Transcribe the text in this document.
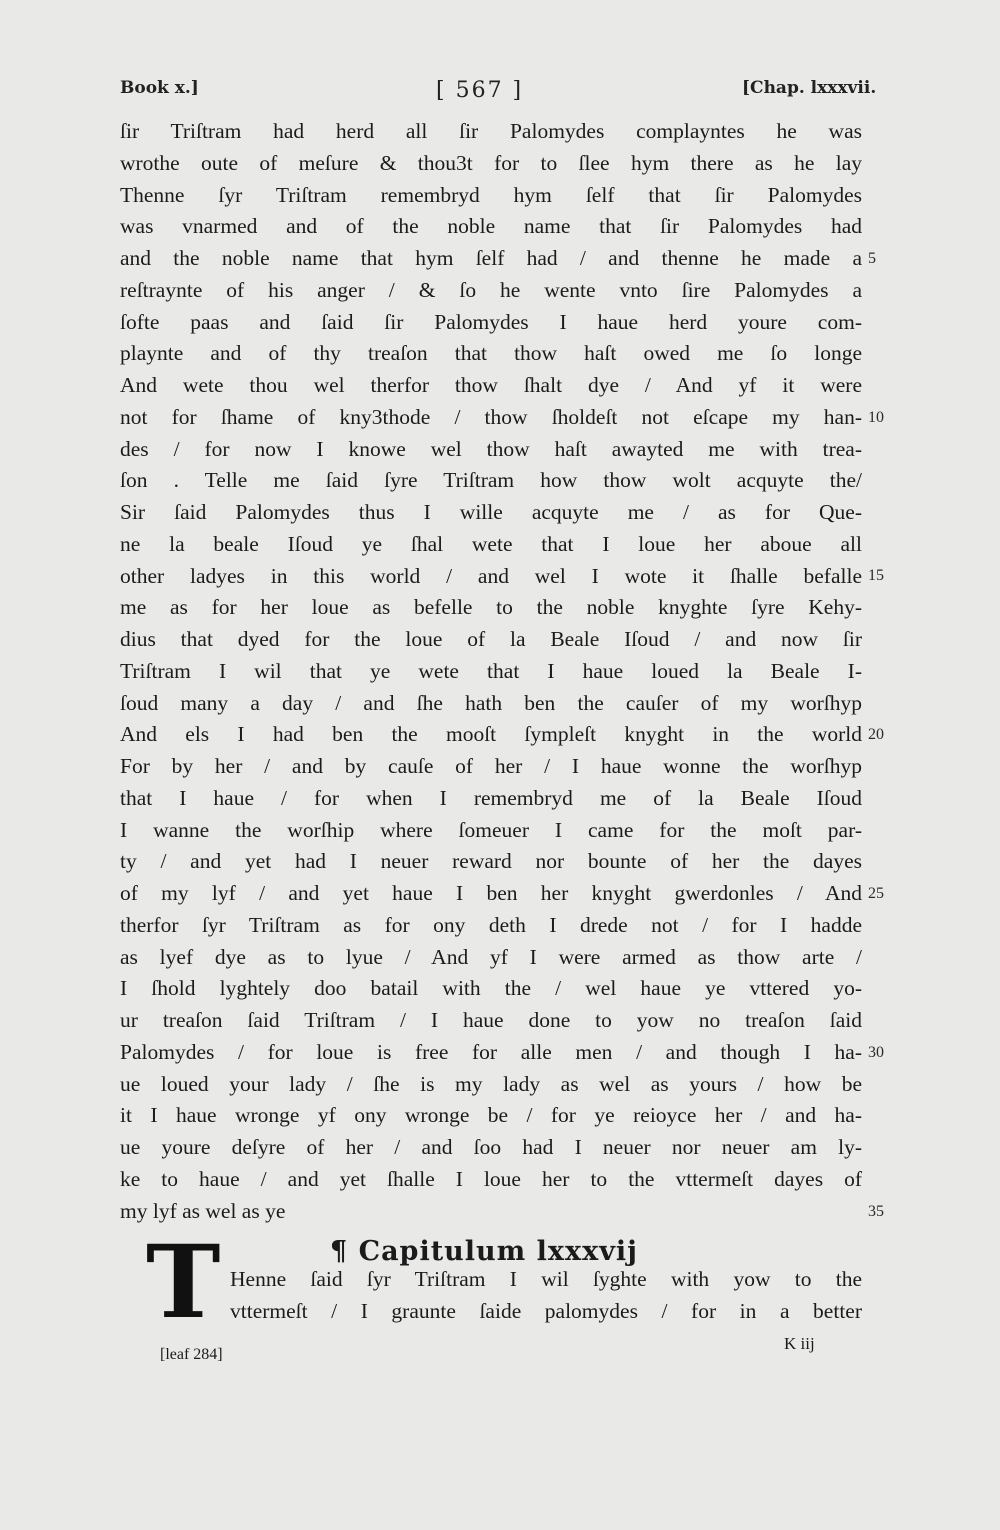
Book x.]	[ 567 ]	[Chap. lxxxvii.
ſir Triſtram had herd all ſir Palomydes complayntes he was
wrothe oute of meſure & thou3t for to ſlee hym there as he lay
Thenne ſyr Triſtram remembryd hym ſelf that ſir Palomydes
was vnarmed and of the noble name that ſir Palomydes had
and the noble name that hym ſelf had / and thenne he made a
reſtraynte of his anger / & ſo he wente vnto ſire Palomydes a
ſofte paas and ſaid ſir Palomydes I haue herd youre com-
playnte and of thy treaſon that thow haſt owed me ſo longe
And wete thou wel therfor thow ſhalt dye / And yf it were
not for ſhame of kny3thode / thow ſholdeſt not eſcape my han-
des / for now I knowe wel thow haſt awayted me with trea-
ſon . Telle me ſaid ſyre Triſtram how thow wolt acquyte the/
Sir ſaid Palomydes thus I wille acquyte me / as for Que-
ne la beale Iſoud ye ſhal wete that I loue her aboue all
other ladyes in this world / and wel I wote it ſhalle befalle
me as for her loue as befelle to the noble knyghte ſyre Kehy-
dius that dyed for the loue of la Beale Iſoud / and now ſir
Triſtram I wil that ye wete that I haue loued la Beale I-
ſoud many a day / and ſhe hath ben the cauſer of my worſhyp
And els I had ben the mooſt ſympleſt knyght in the world
For by her / and by cauſe of her / I haue wonne the worſhyp
that I haue / for when I remembryd me of la Beale Iſoud
I wanne the worſhip where ſomeuer I came for the moſt par-
ty / and yet had I neuer reward nor bounte of her the dayes
of my lyf / and yet haue I ben her knyght gwerdonles / And
therfor ſyr Triſtram as for ony deth I drede not / for I hadde
as lyef dye as to lyue / And yf I were armed as thow arte /
I ſhold lyghtely doo batail with the / wel haue ye vttered yo-
ur treaſon ſaid Triſtram / I haue done to yow no treaſon ſaid
Palomydes / for loue is free for alle men / and though I ha-
ue loued your lady / ſhe is my lady as wel as yours / how be
it I haue wronge yf ony wronge be / for ye reioyce her / and ha-
ue youre deſyre of her / and ſoo had I neuer nor neuer am ly-
ke to haue / and yet ſhalle I loue her to the vttermeſt dayes of
my lyf as wel as ye
5
10
15
20
25
30
35
¶ Capitulum lxxxvij
T Henne ſaid ſyr Triſtram I wil ſyghte with yow to the
vttermeſt / I graunte ſaide palomydes / for in a better
[leaf 284]
K iij
